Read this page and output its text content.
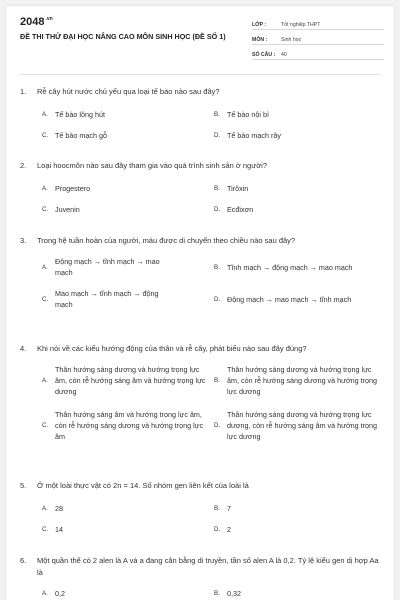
$2048^{.vn}$
ĐỀ THI THỬ ĐẠI HỌC NÂNG CAO MÔN SINH HỌC (ĐỀ SỐ 1)
LỚP :	Tốt nghiệp THPT
MÔN :	Sinh học
SỐ CÂU :	40
1.	Rễ cây hút nước chủ yếu qua loại tế bào nào sau đây?
A. Tế bào lông hút	B. Tế bào nội bì
C. Tế bào mạch gỗ	D. Tế bào mạch rây
2.	Loại hoocmôn nào sau đây tham gia vào quá trình sinh sản ở người?
A. Progestero	B. Tirôxin
C. Juvenin	D. Ecđixơn
3.	Trong hệ tuần hoàn của người, máu được di chuyển theo chiều nào sau đây?
A.
Động mạch → tĩnh mạch → mao mạch
B. Tĩnh mạch → động mạch → mao mạch
C.
Mao mạch → tĩnh mạch → động mạch
D. Động mạch → mao mạch → tĩnh mạch
4.	Khi nói về các kiểu hướng động của thân và rễ cây, phát biểu nào sau đây đúng?
A.
Thân hướng sáng dương và hướng trọng lực âm, còn rễ hướng sáng âm và hướng trọng lực dương
B.
Thân hướng sáng dương và hướng trọng lực âm, còn rễ hướng sáng dương và hướng trọng lực dương
C.
Thân hướng sáng âm và hướng trọng lực âm, còn rễ hướng sáng dương và hướng trọng lực âm
D.
Thân hướng sáng dương và hướng trọng lực dương, còn rễ hướng sáng âm và hướng trọng lực dương
5.	Ở một loài thực vật có 2n = 14. Số nhóm gen liên kết của loài là
A. 28	B. 7
C. 14	D. 2
6.	Một quần thể có 2 alen là A và a đang cân bằng di truyền, tần số alen A là 0,2. Tỷ lệ kiểu gen dị hợp Aa là
A. 0,2	B. 0,32
